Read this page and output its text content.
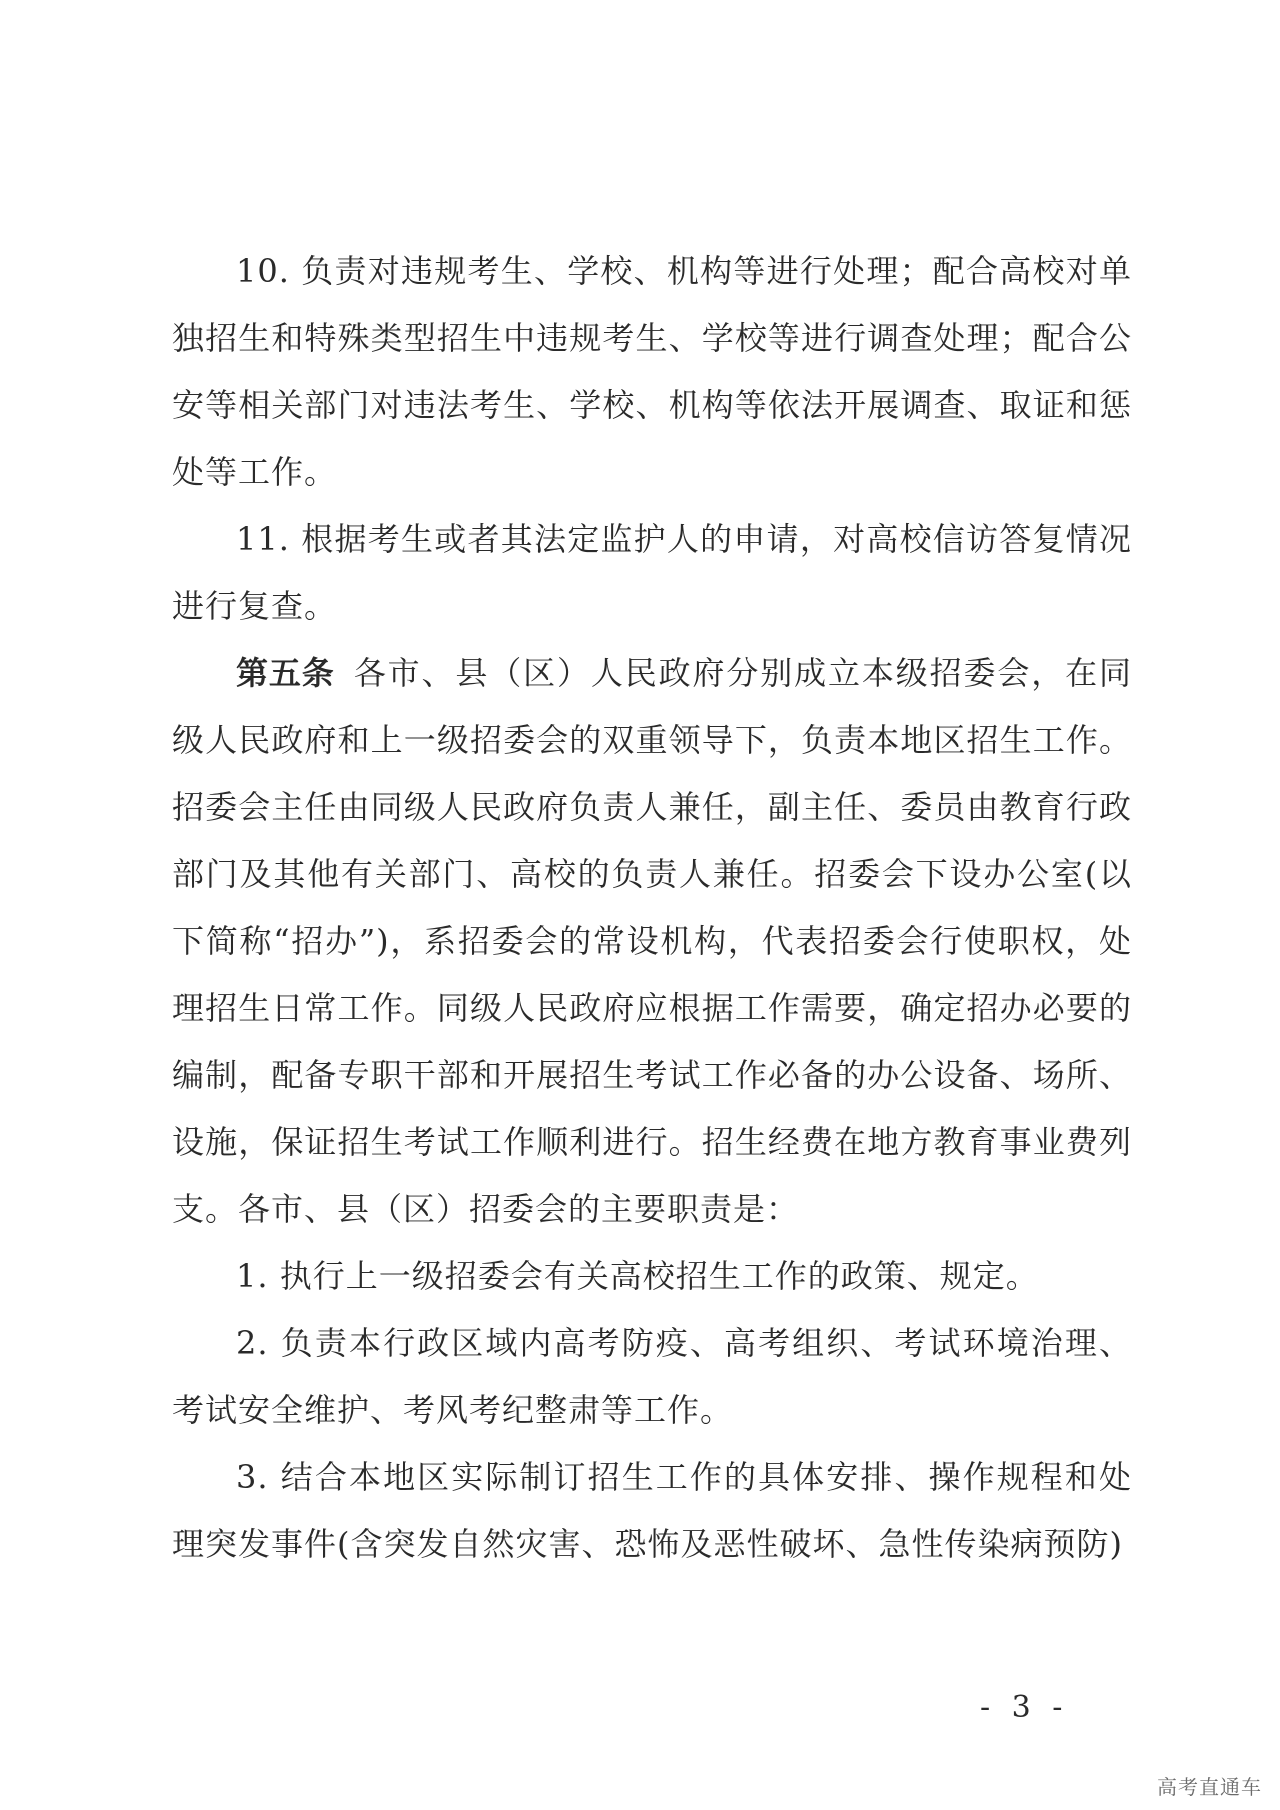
10. 负责对违规考生、学校、机构等进行处理；配合高校对单独招生和特殊类型招生中违规考生、学校等进行调查处理；配合公安等相关部门对违法考生、学校、机构等依法开展调查、取证和惩处等工作。

11. 根据考生或者其法定监护人的申请，对高校信访答复情况进行复查。

第五条 各市、县（区）人民政府分别成立本级招委会，在同级人民政府和上一级招委会的双重领导下，负责本地区招生工作。招委会主任由同级人民政府负责人兼任，副主任、委员由教育行政部门及其他有关部门、高校的负责人兼任。招委会下设办公室(以下简称“招办”)，系招委会的常设机构，代表招委会行使职权，处理招生日常工作。同级人民政府应根据工作需要，确定招办必要的编制，配备专职干部和开展招生考试工作必备的办公设备、场所、设施，保证招生考试工作顺利进行。招生经费在地方教育事业费列支。各市、县（区）招委会的主要职责是：

1. 执行上一级招委会有关高校招生工作的政策、规定。

2. 负责本行政区域内高考防疫、高考组织、考试环境治理、考试安全维护、考风考纪整肃等工作。

3. 结合本地区实际制订招生工作的具体安排、操作规程和处理突发事件(含突发自然灾害、恐怖及恶性破坏、急性传染病预防)

- 3 -
高考直通车
